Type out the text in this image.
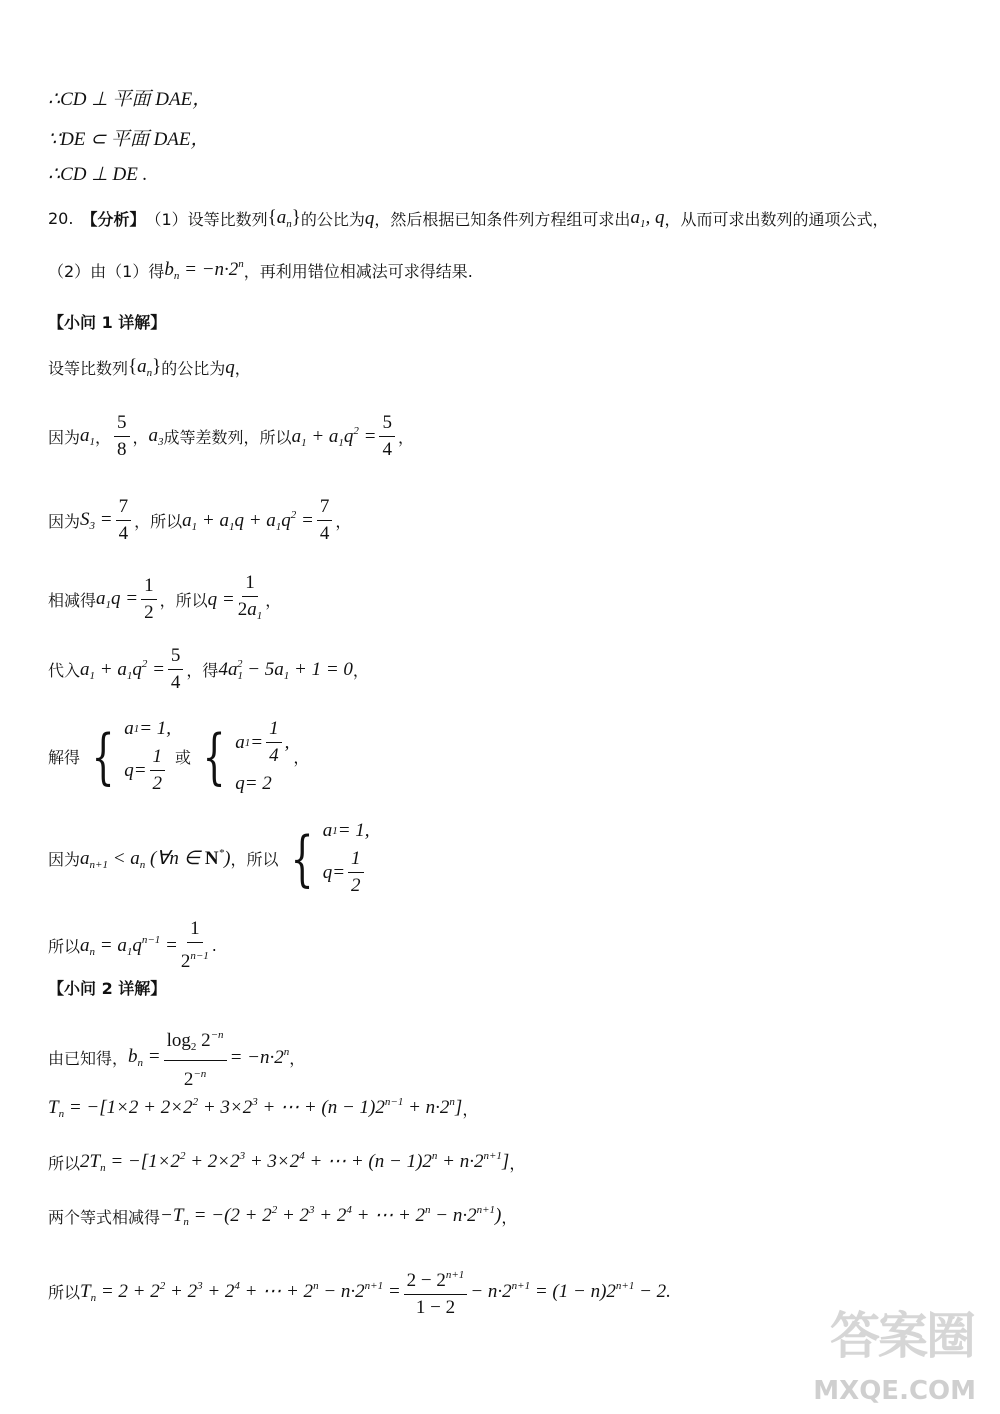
∴CD ⊥ 平面 DAE，
∵DE ⊂ 平面 DAE，
∴CD ⊥ DE .
20. 【分析】 （1）设等比数列 $\{a_n\}$ 的公比为 q ，然后根据已知条件列方程组可求出 $a_1$, q ，从而可求出数列的通项公式，
（2）由（1）得 $b_n = -n\cdot 2^n$ ，再利用错位相减法可求得结果.
【小问 1 详解】
设等比数列 $\{a_n\}$ 的公比为 q ，
因为 $a_1$ ， $\frac{5}{8}$ ， $a_3$ 成等差数列，所以 $a_1 + a_1q^2 = \frac{5}{4}$ ，
因为 $S_3 = \frac{7}{4}$ ，所以 $a_1 + a_1q + a_1q^2 = \frac{7}{4}$ ，
相减得 $a_1q = \frac{1}{2}$ ，所以 $q = \frac{1}{2a_1}$ ，
代入 $a_1 + a_1q^2 = \frac{5}{4}$ ，得 $4a_1^2 - 5a_1 + 1 = 0$ ，
解得 { a 1 = 1,
$q = \frac{1}{2}$ 或 { a $1 = \frac{1}{4}$ ,
q = 2
，
因为 $a_{n+1} < a_n$ (∀n ∈ N*) ，所以 { a 1 = 1,
$q = \frac{1}{2}$
所以 $a_n = a_1q^{n-1} = \frac{1}{2^{n-1}}$ .
【小问 2 详解】
由已知得， $b_n = \frac{\log_2 2^{-n}}{2^{-n}} = -n\cdot 2^n$ ，
$T_n = -[1\times 2 + 2\times 2^2 + 3\times 2^3$ + ⋯ + $(n - 1)2^{n-1} + n\cdot 2^n$] ，
所以 $2T_n = -[1\times 2^2 + 2\times 2^3 + 3\times 2^4$ + ⋯ + $(n - 1)2^n + n\cdot 2^{n+1}$] ，
两个等式相减得 $-T_n = -(2 + 2^2 + 2^3 + 2^4$ + ⋯ + $2^n - n\cdot 2^{n+1}$) ，
所以 $T_n = 2 + 2^2 + 2^3 + 2^4$ + ⋯ + $2^n - n\cdot 2^{n+1} = \frac{2 - 2^{n+1}}{1 - 2} - n\cdot 2^{n+1} = (1 - n)2^{n+1} - 2$.
答案圈
MXQE.COM
